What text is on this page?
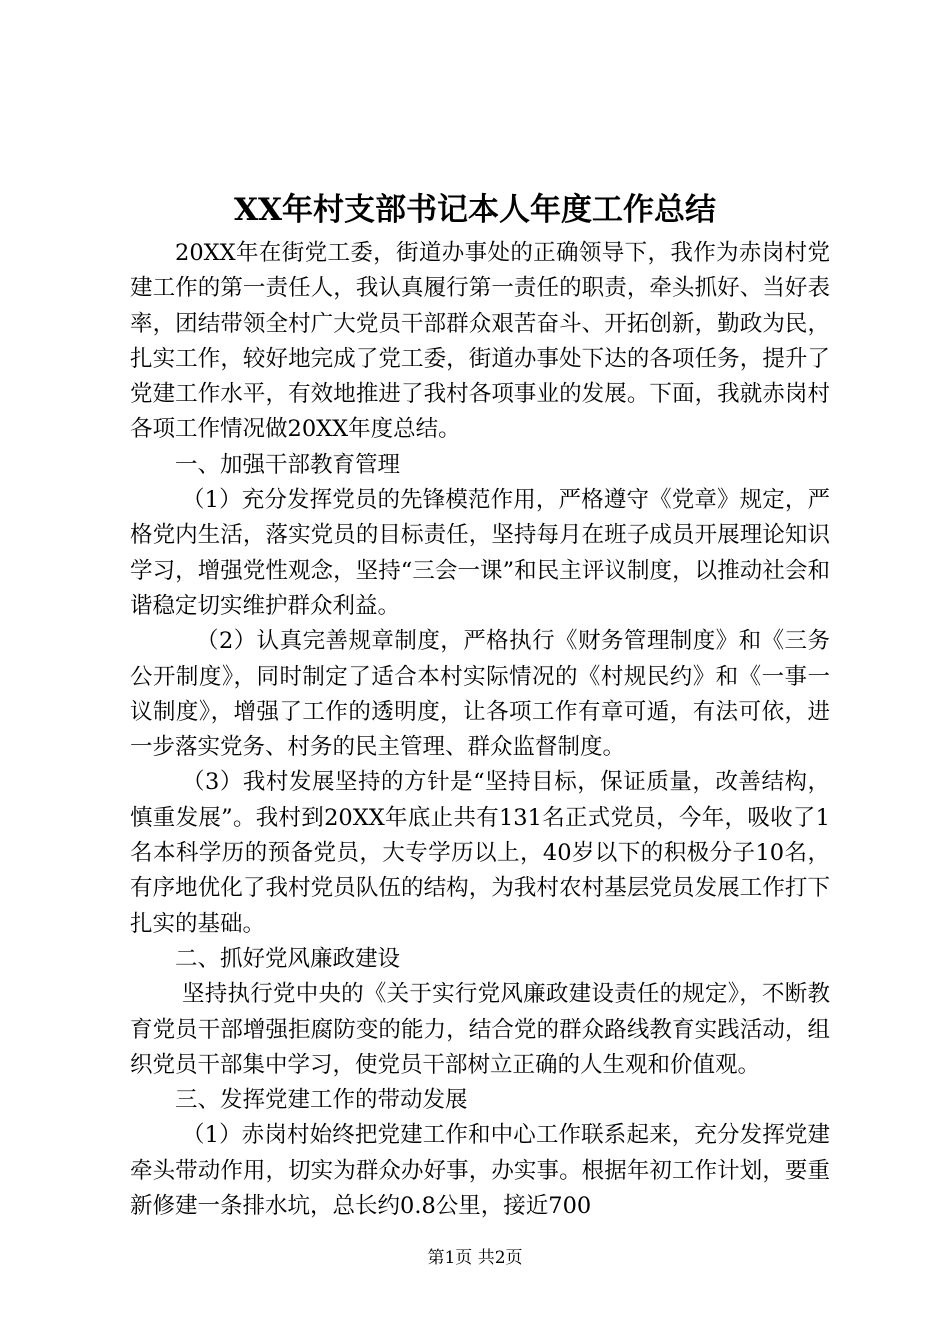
XX年村支部书记本人年度工作总结

20XX年在街党工委，街道办事处的正确领导下，我作为赤岗村党建工作的第一责任人，我认真履行第一责任的职责，牵头抓好、当好表率，团结带领全村广大党员干部群众艰苦奋斗、开拓创新，勤政为民，扎实工作，较好地完成了党工委，街道办事处下达的各项任务，提升了党建工作水平，有效地推进了我村各项事业的发展。下面，我就赤岗村各项工作情况做20XX年度总结。

一、加强干部教育管理

（1）充分发挥党员的先锋模范作用，严格遵守《党章》规定，严格党内生活，落实党员的目标责任，坚持每月在班子成员开展理论知识学习，增强党性观念，坚持“三会一课”和民主评议制度，以推动社会和谐稳定切实维护群众利益。

（2）认真完善规章制度，严格执行《财务管理制度》和《三务公开制度》，同时制定了适合本村实际情况的《村规民约》和《一事一议制度》，增强了工作的透明度，让各项工作有章可遁，有法可依，进一步落实党务、村务的民主管理、群众监督制度。

（3）我村发展坚持的方针是“坚持目标，保证质量，改善结构，慎重发展”。我村到20XX年底止共有131名正式党员，今年，吸收了1名本科学历的预备党员，大专学历以上，40岁以下的积极分子10名，有序地优化了我村党员队伍的结构，为我村农村基层党员发展工作打下扎实的基础。

二、抓好党风廉政建设

坚持执行党中央的《关于实行党风廉政建设责任的规定》，不断教育党员干部增强拒腐防变的能力，结合党的群众路线教育实践活动，组织党员干部集中学习，使党员干部树立正确的人生观和价值观。

三、发挥党建工作的带动发展

（1）赤岗村始终把党建工作和中心工作联系起来，充分发挥党建牵头带动作用，切实为群众办好事，办实事。根据年初工作计划，要重新修建一条排水坑，总长约0.8公里，接近700

第1页 共2页
